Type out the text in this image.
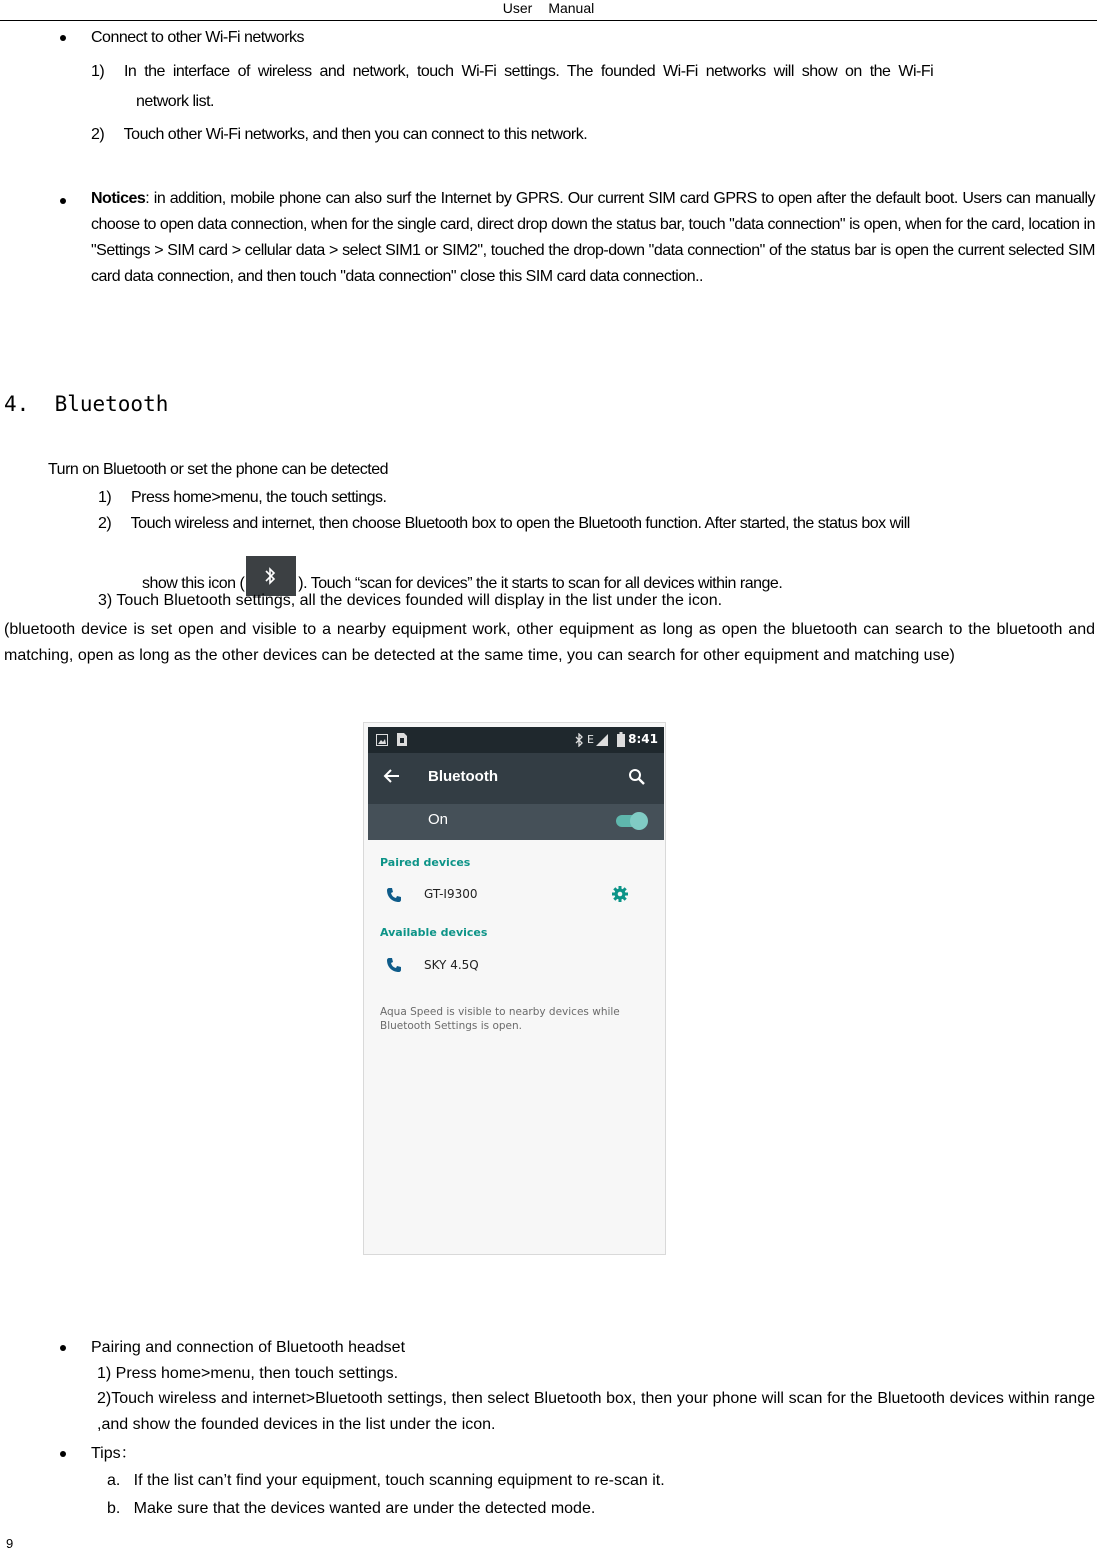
User Manual
Connect to other Wi-Fi networks
1)     In  the  interface  of  wireless  and  network,  touch  Wi-Fi  settings.  The  founded  Wi-Fi  networks  will  show  on  the  Wi-Fi
network list.
2)     Touch other Wi-Fi networks, and then you can connect to this network.
Notices: in addition, mobile phone can also surf the Internet by GPRS. Our current SIM card GPRS to open after the default boot. Users can manually choose to open data connection, when for the single card, direct drop down the status bar, touch "data connection" is open, when for the card, location in "Settings > SIM card > cellular data > select SIM1 or SIM2", touched the drop-down "data connection" of the status bar is open the current selected SIM card data connection, and then touch "data connection" close this SIM card data connection..
4.  Bluetooth
Turn on Bluetooth or set the phone can be detected
1)     Press home>menu, the touch settings.
2)     Touch wireless and internet, then choose Bluetooth box to open the Bluetooth function. After started, the status box will
show this icon (	). Touch “scan for devices” the it starts to scan for all devices within range.
3) Touch Bluetooth settings, all the devices founded will display in the list under the icon.
(bluetooth device is set open and visible to a nearby equipment work, other equipment as long as open the bluetooth can search to the bluetooth and matching, open as long as the other devices can be detected at the same time, you can search for other equipment and matching use)
E	8:41
Bluetooth
On
Paired devices
GT-I9300
Available devices
SKY 4.5Q
Aqua Speed is visible to nearby devices while Bluetooth Settings is open.
Pairing and connection of Bluetooth headset
1) Press home>menu, then touch settings.
2)Touch wireless and internet>Bluetooth settings, then select Bluetooth box, then your phone will scan for the Bluetooth devices within range ,and show the founded devices in the list under the icon.
Tips：
a.   If the list can’t find your equipment, touch scanning equipment to re-scan it.
b.   Make sure that the devices wanted are under the detected mode.
9
